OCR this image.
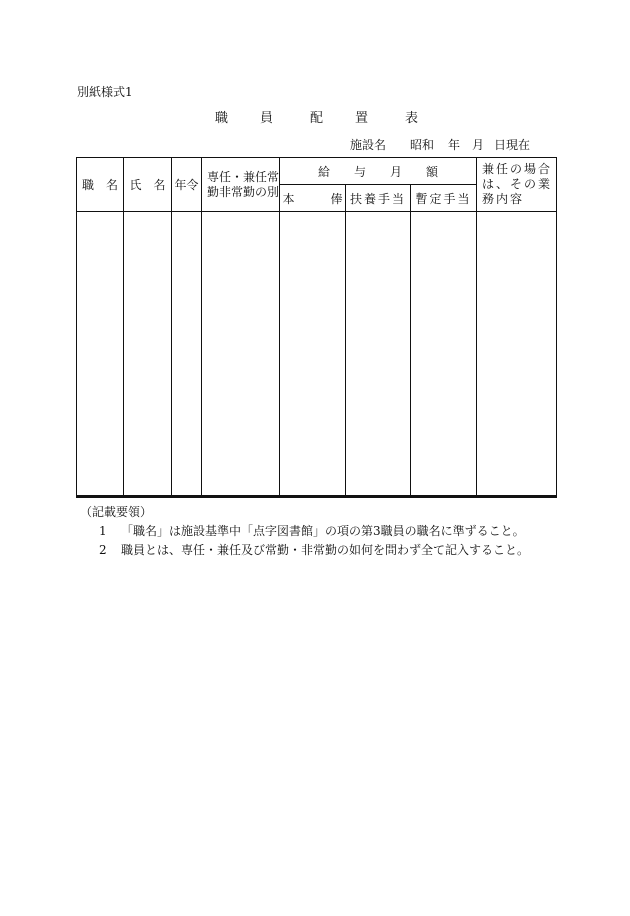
別紙様式1
職 員	配 置	表
施設名 昭和 年 月 日現在
職　名	氏　名	年令	専任・兼任常勤非常勤の別	給　　与　　月　　額			兼任の場合は、その業務内容
				本　　　俸	扶養手当	暫定手当	

（記載要領）
1 「職名」は施設基準中「点字図書館」の項の第3職員の職名に準ずること。
2 職員とは、専任・兼任及び常勤・非常勤の如何を問わず全て記入すること。
